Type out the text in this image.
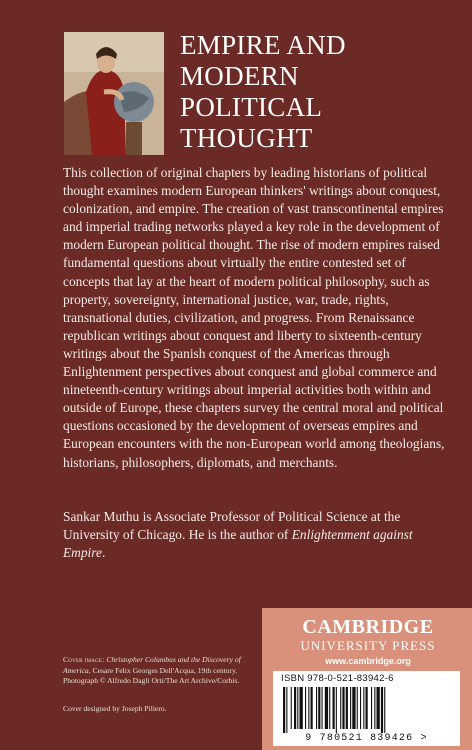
EMPIRE AND
MODERN
POLITICAL
THOUGHT

This collection of original chapters by leading historians of political thought examines modern European thinkers' writings about conquest, colonization, and empire. The creation of vast transcontinental empires and imperial trading networks played a key role in the development of modern European political thought. The rise of modern empires raised fundamental questions about virtually the entire contested set of concepts that lay at the heart of modern political philosophy, such as property, sovereignty, international justice, war, trade, rights, transnational duties, civilization, and progress. From Renaissance republican writings about conquest and liberty to sixteenth-century writings about the Spanish conquest of the Americas through Enlightenment perspectives about conquest and global commerce and nineteenth-century writings about imperial activities both within and outside of Europe, these chapters survey the central moral and political questions occasioned by the development of overseas empires and European encounters with the non-European world among theologians, historians, philosophers, diplomats, and merchants.

Sankar Muthu is Associate Professor of Political Science at the University of Chicago. He is the author of Enlightenment against Empire.

Cover image: Christopher Columbus and the Discovery of America, Cesare Felix Georges Dell'Acqua, 19th century. Photograph © Alfredo Dagli Orti/The Art Archive/Corbis.

Cover designed by Joseph Piliero.

CAMBRIDGE
UNIVERSITY PRESS
www.cambridge.org
ISBN 978-0-521-83942-6
9 780521 839426 >
